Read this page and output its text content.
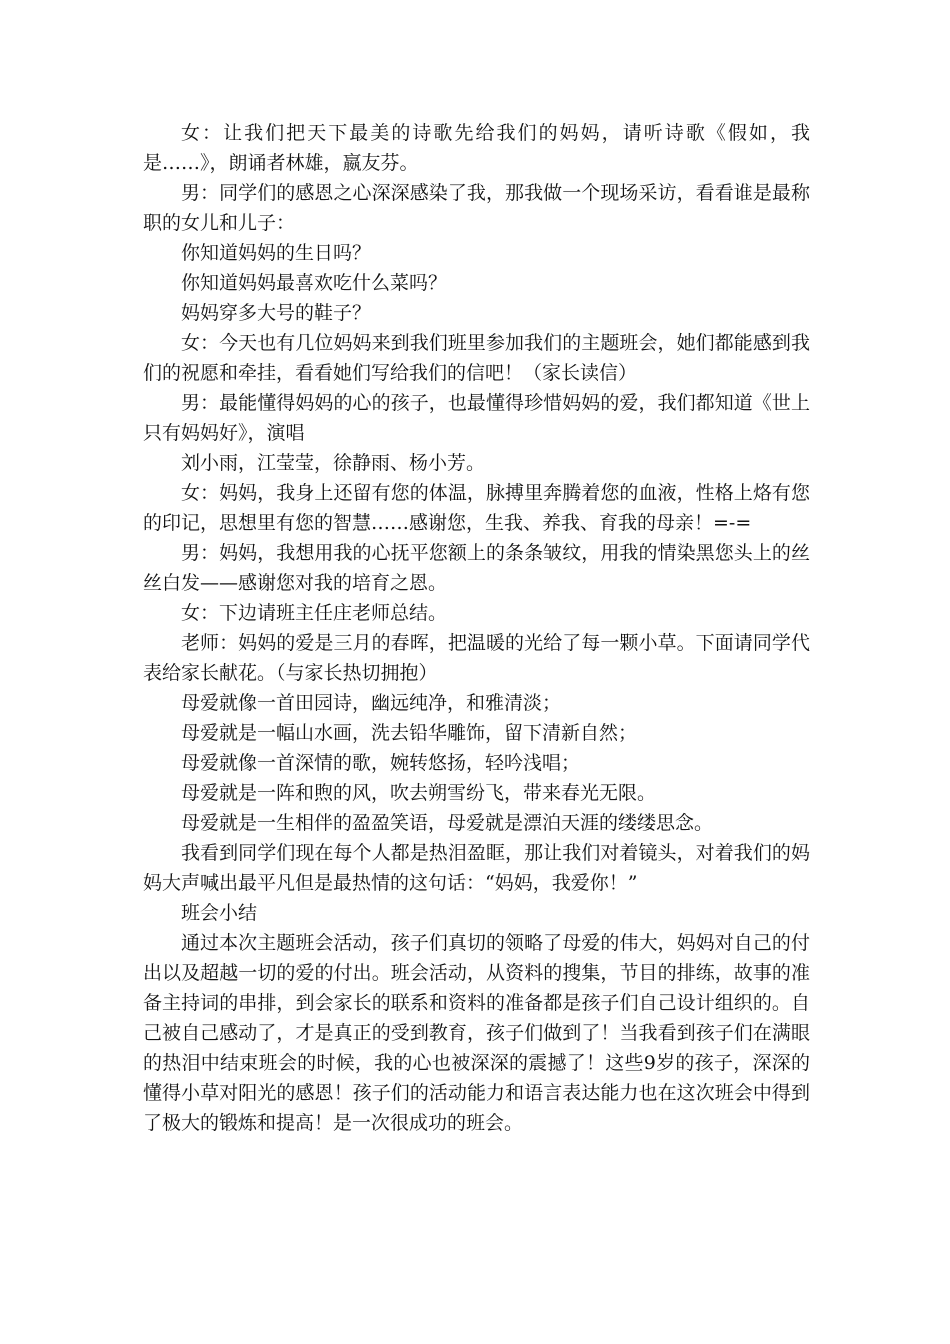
女：让我们把天下最美的诗歌先给我们的妈妈，请听诗歌《假如，我是……》，朗诵者林雄，嬴友芬。

男：同学们的感恩之心深深感染了我，那我做一个现场采访，看看谁是最称职的女儿和儿子：

你知道妈妈的生日吗？

你知道妈妈最喜欢吃什么菜吗？

妈妈穿多大号的鞋子？

女：今天也有几位妈妈来到我们班里参加我们的主题班会，她们都能感到我们的祝愿和牵挂，看看她们写给我们的信吧！（家长读信）

男：最能懂得妈妈的心的孩子，也最懂得珍惜妈妈的爱，我们都知道《世上只有妈妈好》，演唱

刘小雨，江莹莹，徐静雨、杨小芳。

女：妈妈，我身上还留有您的体温，脉搏里奔腾着您的血液，性格上烙有您的印记，思想里有您的智慧……感谢您，生我、养我、育我的母亲！=-=

男：妈妈，我想用我的心抚平您额上的条条皱纹，用我的情染黑您头上的丝丝白发——感谢您对我的培育之恩。

女：下边请班主任庄老师总结。

老师：妈妈的爱是三月的春晖，把温暖的光给了每一颗小草。下面请同学代表给家长献花。（与家长热切拥抱）

母爱就像一首田园诗，幽远纯净，和雅清淡；

母爱就是一幅山水画，洗去铅华雕饰，留下清新自然；

母爱就像一首深情的歌，婉转悠扬，轻吟浅唱；

母爱就是一阵和煦的风，吹去朔雪纷飞，带来春光无限。

母爱就是一生相伴的盈盈笑语，母爱就是漂泊天涯的缕缕思念。

我看到同学们现在每个人都是热泪盈眶，那让我们对着镜头，对着我们的妈妈大声喊出最平凡但是最热情的这句话：“妈妈，我爱你！”

班会小结

通过本次主题班会活动，孩子们真切的领略了母爱的伟大，妈妈对自己的付出以及超越一切的爱的付出。班会活动，从资料的搜集，节目的排练，故事的准备主持词的串排，到会家长的联系和资料的准备都是孩子们自己设计组织的。自己被自己感动了，才是真正的受到教育，孩子们做到了！当我看到孩子们在满眼的热泪中结束班会的时候，我的心也被深深的震撼了！这些9岁的孩子，深深的懂得小草对阳光的感恩！孩子们的活动能力和语言表达能力也在这次班会中得到了极大的锻炼和提高！是一次很成功的班会。
